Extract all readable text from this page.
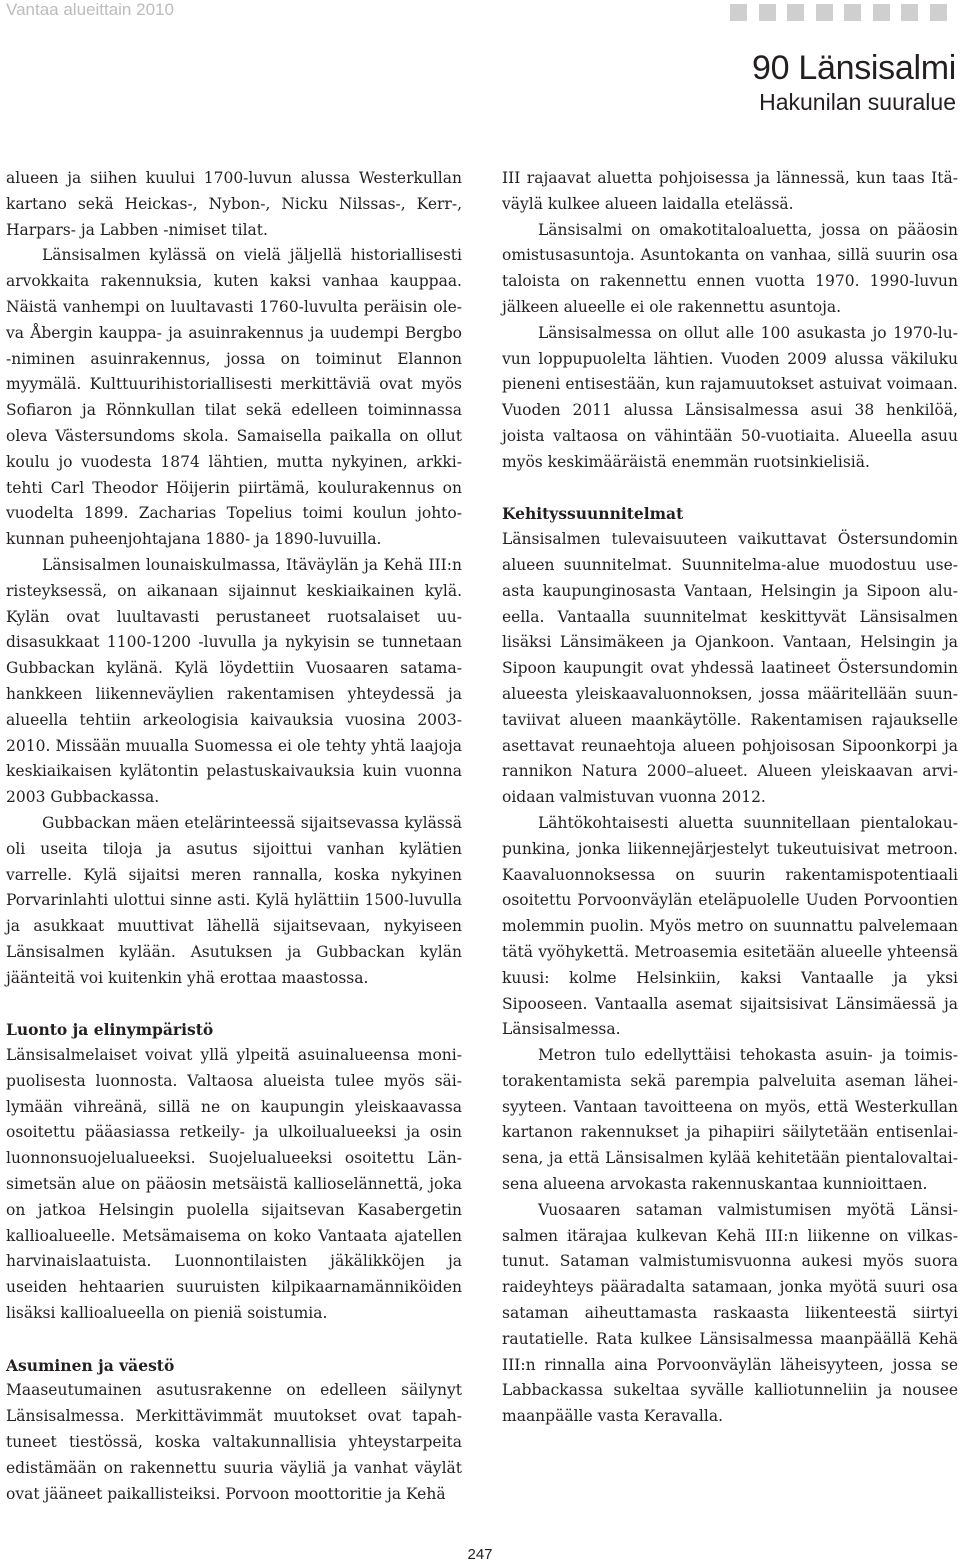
Vantaa alueittain 2010
90 Länsisalmi
Hakunilan suuralue

alueen ja siihen kuului 1700-luvun alussa Westerkullan kartano sekä Heickas-, Nybon-, Nicku Nilssas-, Kerr-, Harpars- ja Labben -nimiset tilat.

Länsisalmen kylässä on vielä jäljellä historiallisesti arvokkaita rakennuksia, kuten kaksi vanhaa kauppaa. Näistä vanhempi on luultavasti 1760-luvulta peräisin oleva Åbergin kauppa- ja asuinrakennus ja uudempi Bergbo -niminen asuinrakennus, jossa on toiminut Elannon myymälä. Kulttuurihistoriallisesti merkittäviä ovat myös Sofiaron ja Rönnkullan tilat sekä edelleen toiminnassa oleva Västersundoms skola. Samaisella paikalla on ollut koulu jo vuodesta 1874 lähtien, mutta nykyinen, arkkitehti Carl Theodor Höijerin piirtämä, koulurakennus on vuodelta 1899. Zacharias Topelius toimi koulun johtokunnan puheenjohtajana 1880- ja 1890-luvuilla.

Länsisalmen lounaiskulmassa, Itäväylän ja Kehä III:n risteyksessä, on aikanaan sijainnut keskiaikainen kylä. Kylän ovat luultavasti perustaneet ruotsalaiset uudisasukkaat 1100-1200 -luvulla ja nykyisin se tunnetaan Gubbackan kylänä. Kylä löydettiin Vuosaaren satamahankkeen liikenneväylien rakentamisen yhteydessä ja alueella tehtiin arkeologisia kaivauksia vuosina 2003-2010. Missään muualla Suomessa ei ole tehty yhtä laajoja keskiaikaisen kylätontin pelastuskaivauksia kuin vuonna 2003 Gubbackassa.

Gubbackan mäen etelärinteessä sijaitsevassa kylässä oli useita tiloja ja asutus sijoittui vanhan kylätien varrelle. Kylä sijaitsi meren rannalla, koska nykyinen Porvarinlahti ulottui sinne asti. Kylä hylättiin 1500-luvulla ja asukkaat muuttivat lähellä sijaitsevaan, nykyiseen Länsisalmen kylään. Asutuksen ja Gubbackan kylän jäänteitä voi kuitenkin yhä erottaa maastossa.

Luonto ja elinympäristö

Länsisalmelaiset voivat yllä ylpeitä asuinalueensa monipuolisesta luonnosta. Valtaosa alueista tulee myös säilymään vihreänä, sillä ne on kaupungin yleiskaavassa osoitettu pääasiassa retkeily- ja ulkoilualueeksi ja osin luonnonsuojelualueeksi. Suojelualueeksi osoitettu Länsimetsän alue on pääosin metsäistä kallioselännettä, joka on jatkoa Helsingin puolella sijaitsevan Kasabergetin kallioalueelle. Metsämaisema on koko Vantaata ajatellen harvinaislaatuista. Luonnontilaisten jäkälikköjen ja useiden hehtaarien suuruisten kilpikaarnamänniköiden lisäksi kallioalueella on pieniä soistumia.

Asuminen ja väestö

Maaseutumainen asutusrakenne on edelleen säilynyt Länsisalmessa. Merkittävimmät muutokset ovat tapahtuneet tiestössä, koska valtakunnallisia yhteystarpeita edistämään on rakennettu suuria väyliä ja vanhat väylät ovat jääneet paikallisteiksi. Porvoon moottoritie ja Kehä

III rajaavat aluetta pohjoisessa ja lännessä, kun taas Itäväylä kulkee alueen laidalla etelässä.

Länsisalmi on omakotitaloaluetta, jossa on pääosin omistusasuntoja. Asuntokanta on vanhaa, sillä suurin osa taloista on rakennettu ennen vuotta 1970. 1990-luvun jälkeen alueelle ei ole rakennettu asuntoja.

Länsisalmessa on ollut alle 100 asukasta jo 1970-luvun loppupuolelta lähtien. Vuoden 2009 alussa väkiluku pieneni entisestään, kun rajamuutokset astuivat voimaan. Vuoden 2011 alussa Länsisalmessa asui 38 henkilöä, joista valtaosa on vähintään 50-vuotiaita. Alueella asuu myös keskimääräistä enemmän ruotsinkielisiä.

Kehityssuunnitelmat

Länsisalmen tulevaisuuteen vaikuttavat Östersundomin alueen suunnitelmat. Suunnitelma-alue muodostuu useasta kaupunginosasta Vantaan, Helsingin ja Sipoon alueella. Vantaalla suunnitelmat keskittyvät Länsisalmen lisäksi Länsimäkeen ja Ojankoon. Vantaan, Helsingin ja Sipoon kaupungit ovat yhdessä laatineet Östersundomin alueesta yleiskaavaluonnoksen, jossa määritellään suuntaviivat alueen maankäytölle. Rakentamisen rajaukselle asettavat reunaehtoja alueen pohjoisosan Sipoonkorpi ja rannikon Natura 2000–alueet. Alueen yleiskaavan arvioidaan valmistuvan vuonna 2012.

Lähtökohtaisesti aluetta suunnitellaan pientalokaupunkina, jonka liikennejärjestelyt tukeutuisivat metroon. Kaavaluonnoksessa on suurin rakentamispotentiaali osoitettu Porvoonväylän eteläpuolelle Uuden Porvoontien molemmin puolin. Myös metro on suunnattu palvelemaan tätä vyöhykettä. Metroasemia esitetään alueelle yhteensä kuusi: kolme Helsinkiin, kaksi Vantaalle ja yksi Sipooseen. Vantaalla asemat sijaitsisivat Länsimäessä ja Länsisalmessa.

Metron tulo edellyttäisi tehokasta asuin- ja toimistorakentamista sekä parempia palveluita aseman läheisyyteen. Vantaan tavoitteena on myös, että Westerkullan kartanon rakennukset ja pihapiiri säilytetään entisenlaisena, ja että Länsisalmen kylää kehitetään pientalovaltaisena alueena arvokasta rakennuskantaa kunnioittaen.

Vuosaaren sataman valmistumisen myötä Länsisalmen itärajaa kulkevan Kehä III:n liikenne on vilkastunut. Sataman valmistumisvuonna aukesi myös suora raideyhteys pääradalta satamaan, jonka myötä suuri osa sataman aiheuttamasta raskaasta liikenteestä siirtyi rautatielle. Rata kulkee Länsisalmessa maanpäällä Kehä III:n rinnalla aina Porvoonväylän läheisyyteen, jossa se Labbackassa sukeltaa syvälle kalliotunneliin ja nousee maanpäälle vasta Keravalla.

247
